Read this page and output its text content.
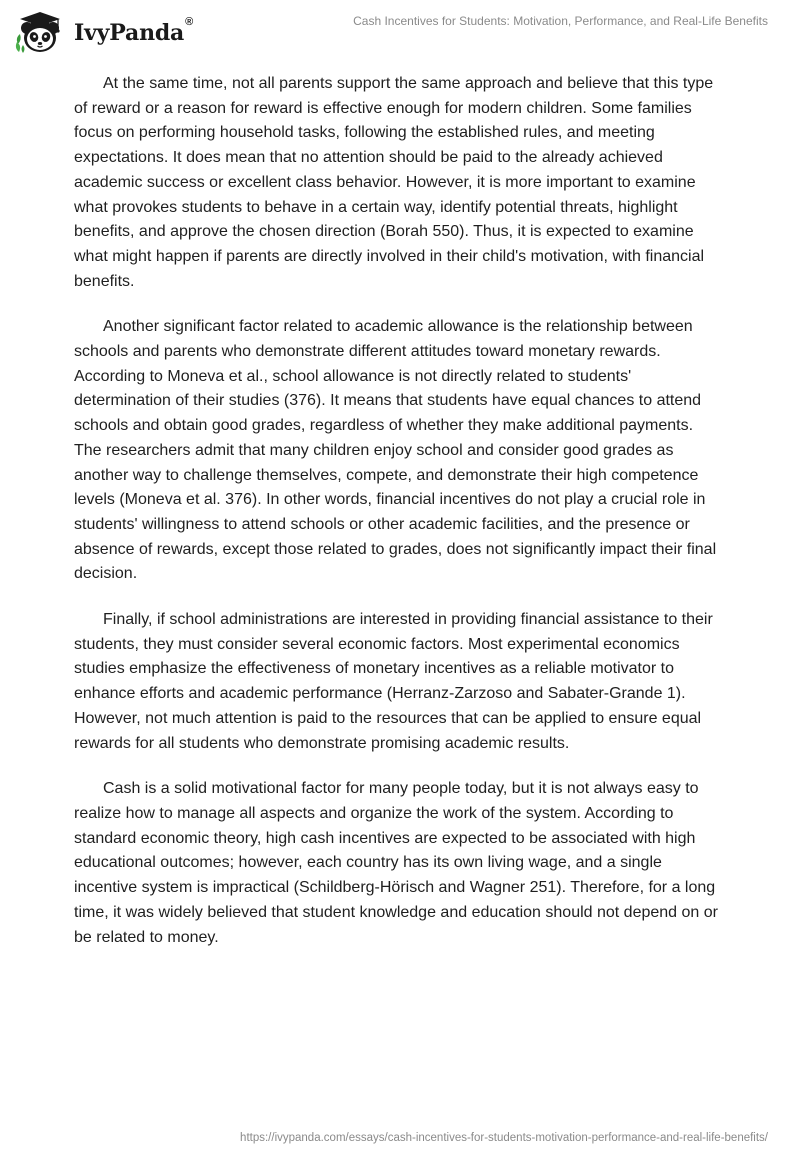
IvyPanda®	Cash Incentives for Students: Motivation, Performance, and Real-Life Benefits

At the same time, not all parents support the same approach and believe that this type of reward or a reason for reward is effective enough for modern children. Some families focus on performing household tasks, following the established rules, and meeting expectations. It does mean that no attention should be paid to the already achieved academic success or excellent class behavior. However, it is more important to examine what provokes students to behave in a certain way, identify potential threats, highlight benefits, and approve the chosen direction (Borah 550). Thus, it is expected to examine what might happen if parents are directly involved in their child's motivation, with financial benefits.

Another significant factor related to academic allowance is the relationship between schools and parents who demonstrate different attitudes toward monetary rewards. According to Moneva et al., school allowance is not directly related to students' determination of their studies (376). It means that students have equal chances to attend schools and obtain good grades, regardless of whether they make additional payments. The researchers admit that many children enjoy school and consider good grades as another way to challenge themselves, compete, and demonstrate their high competence levels (Moneva et al. 376). In other words, financial incentives do not play a crucial role in students' willingness to attend schools or other academic facilities, and the presence or absence of rewards, except those related to grades, does not significantly impact their final decision.

Finally, if school administrations are interested in providing financial assistance to their students, they must consider several economic factors. Most experimental economics studies emphasize the effectiveness of monetary incentives as a reliable motivator to enhance efforts and academic performance (Herranz-Zarzoso and Sabater-Grande 1). However, not much attention is paid to the resources that can be applied to ensure equal rewards for all students who demonstrate promising academic results.

Cash is a solid motivational factor for many people today, but it is not always easy to realize how to manage all aspects and organize the work of the system. According to standard economic theory, high cash incentives are expected to be associated with high educational outcomes; however, each country has its own living wage, and a single incentive system is impractical (Schildberg-Hörisch and Wagner 251). Therefore, for a long time, it was widely believed that student knowledge and education should not depend on or be related to money.

https://ivypanda.com/essays/cash-incentives-for-students-motivation-performance-and-real-life-benefits/
